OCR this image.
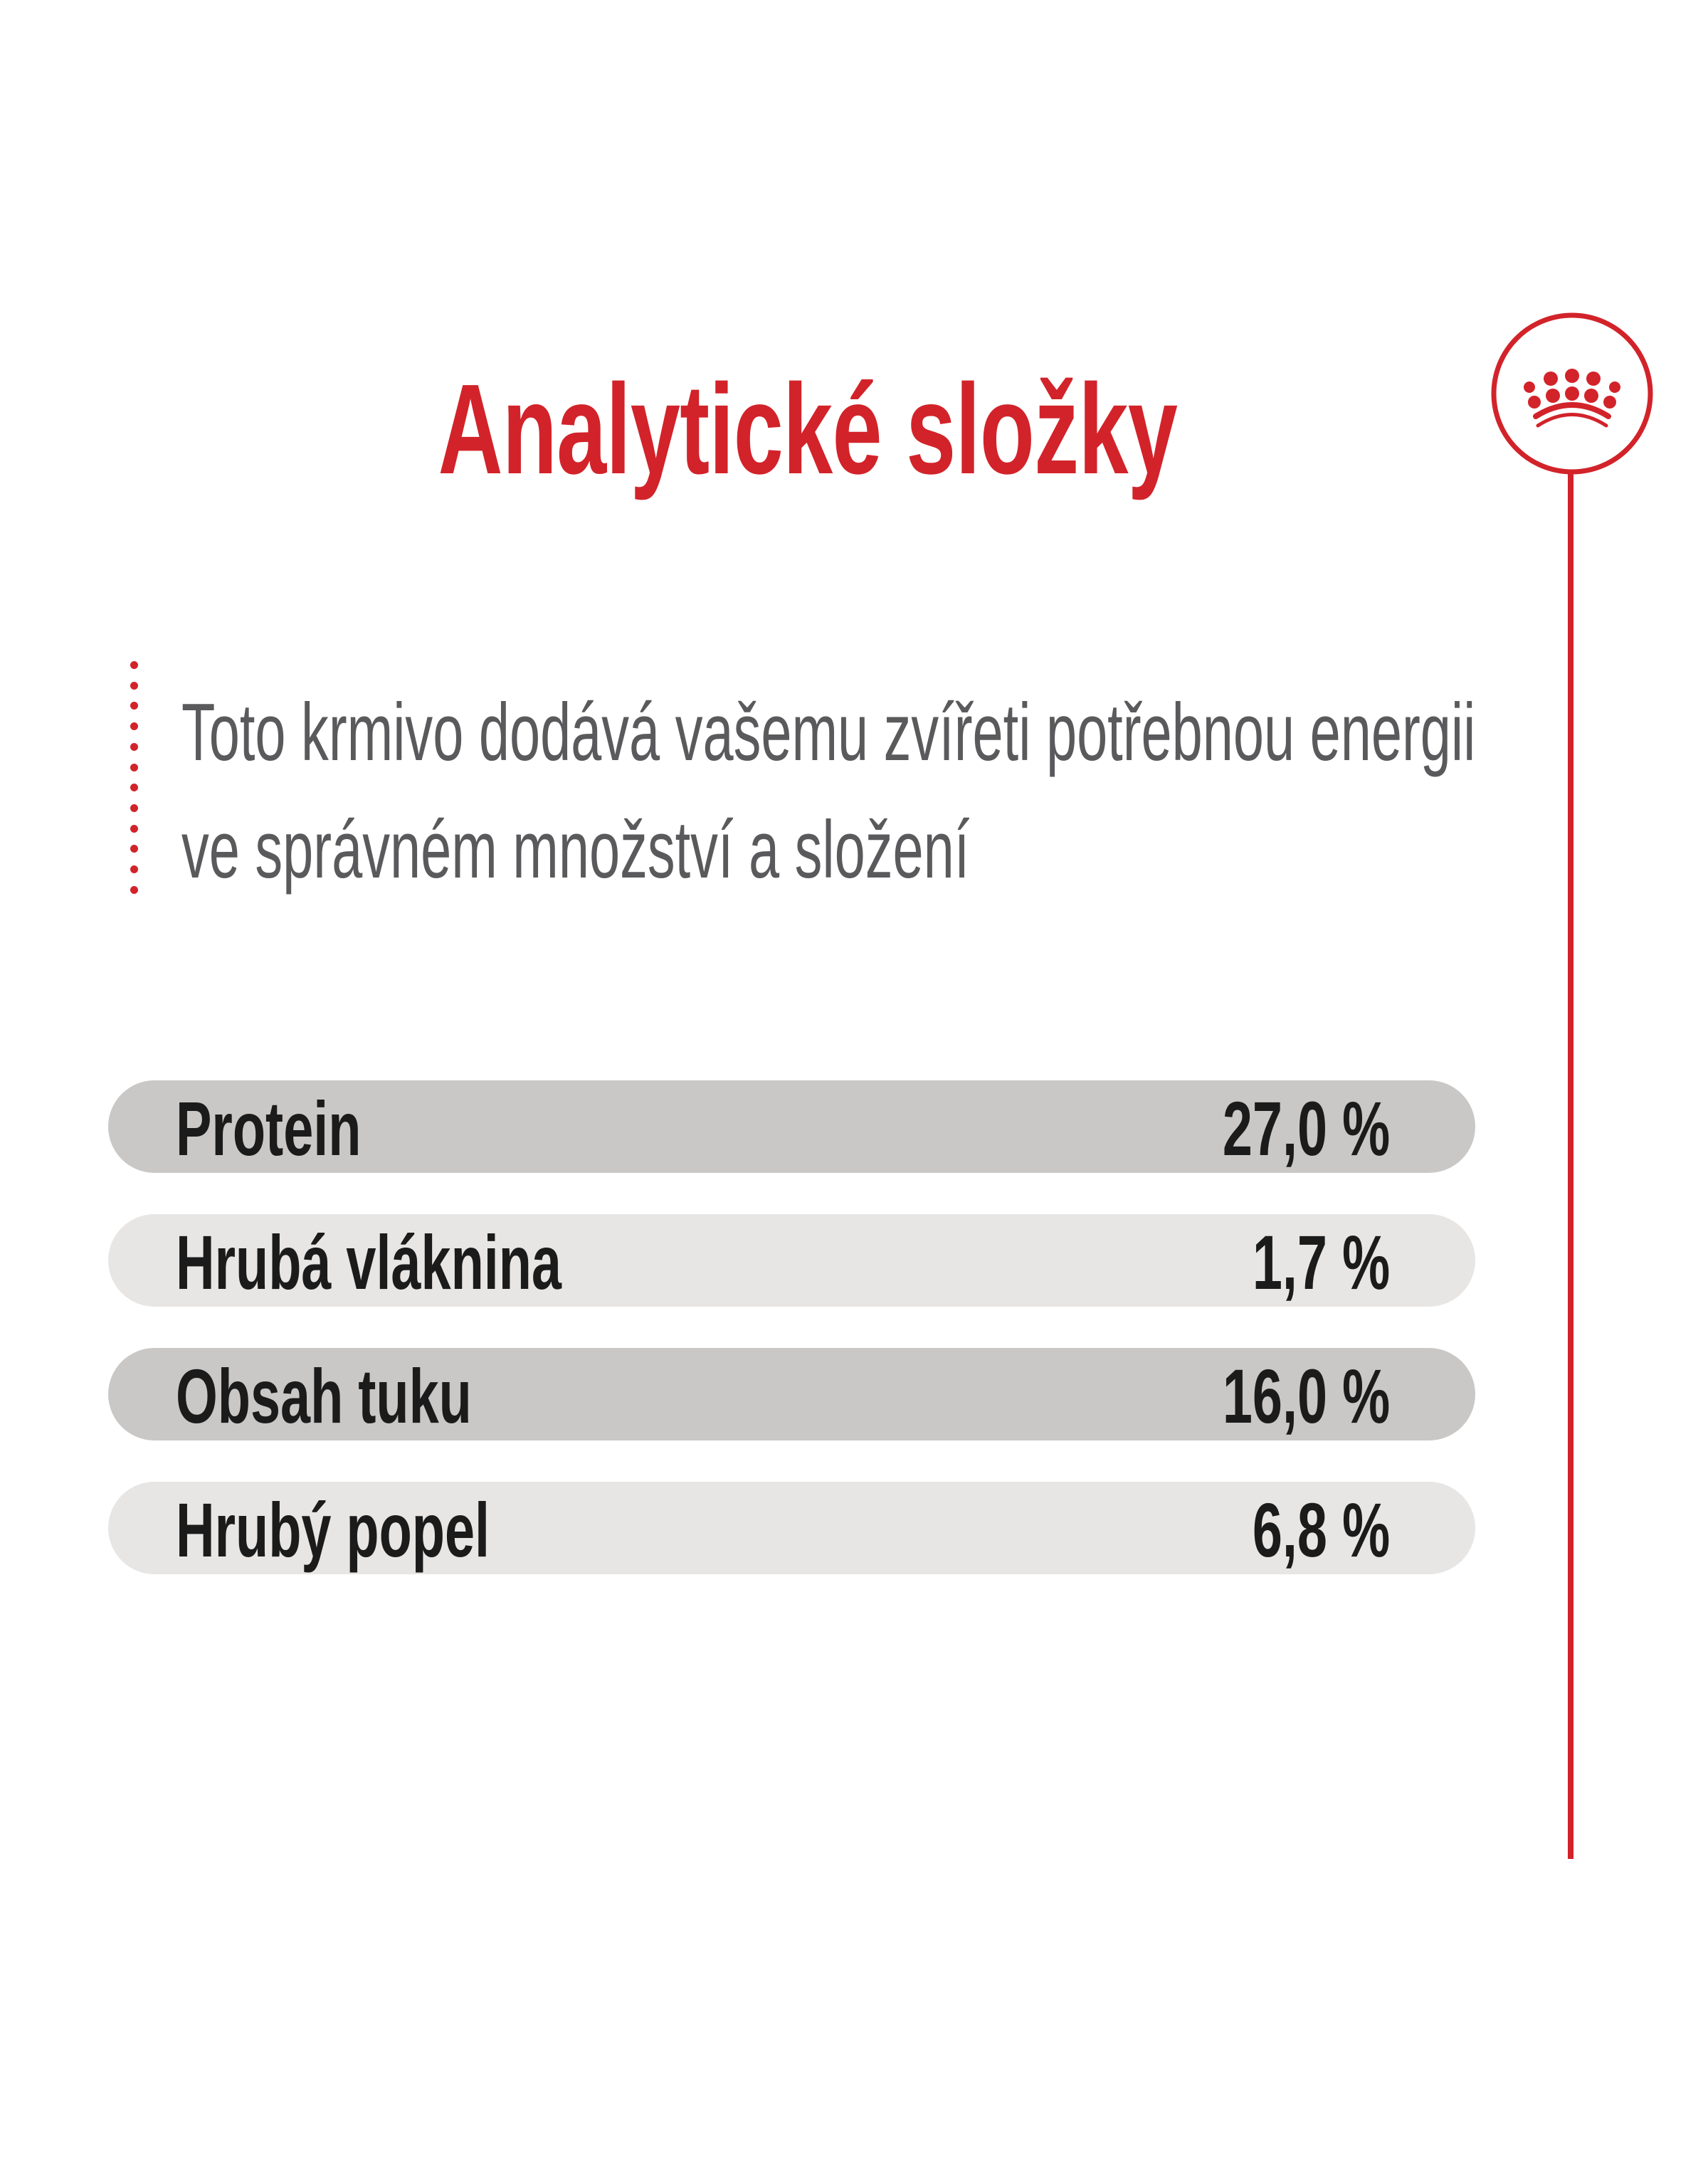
Analytické složky
Toto krmivo dodává vašemu zvířeti potřebnou energii
ve správném množství a složení
Protein	27,0 %
Hrubá vláknina	1,7 %
Obsah tuku	16,0 %
Hrubý popel	6,8 %
